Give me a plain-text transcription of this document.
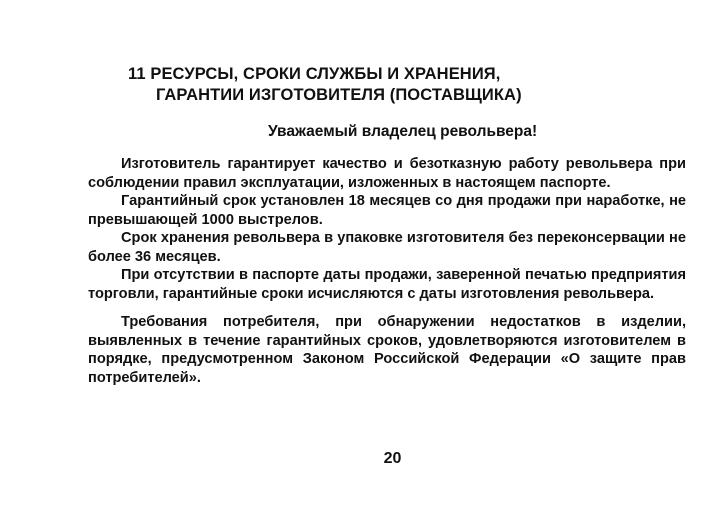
11 РЕСУРСЫ, СРОКИ СЛУЖБЫ И ХРАНЕНИЯ,
ГАРАНТИИ ИЗГОТОВИТЕЛЯ (ПОСТАВЩИКА)
Уважаемый владелец револьвера!

Изготовитель гарантирует качество и безотказную работу револьвера при соблюдении правил эксплуатации, изложенных в настоящем паспорте.

Гарантийный срок установлен 18 месяцев со дня продажи при наработке, не превышающей 1000 выстрелов.

Срок хранения револьвера в упаковке изготовителя без переконсервации не более 36 месяцев.

При отсутствии в паспорте даты продажи, заверенной печатью предприятия торговли, гарантийные сроки исчисляются с даты изготовления револьвера.

Требования потребителя, при обнаружении недостатков в изделии, выявленных в течение гарантийных сроков, удовлетворяются изготовителем в порядке, предусмотренном Законом Российской Федерации «О защите прав потребителей».

20
